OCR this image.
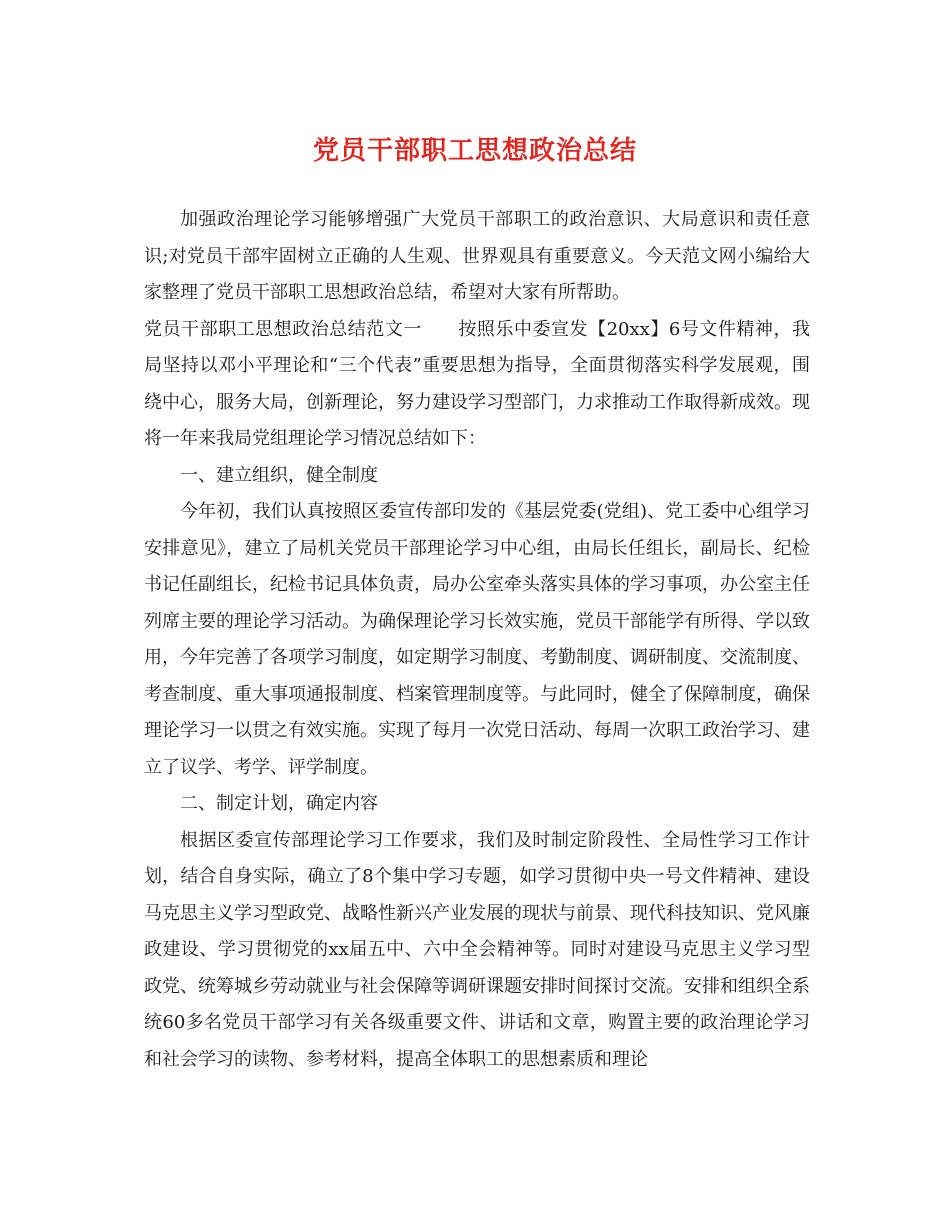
党员干部职工思想政治总结

加强政治理论学习能够增强广大党员干部职工的政治意识、大局意识和责任意识;对党员干部牢固树立正确的人生观、世界观具有重要意义。今天范文网小编给大家整理了党员干部职工思想政治总结，希望对大家有所帮助。

党员干部职工思想政治总结范文一 按照乐中委宣发【20xx】6号文件精神，我局坚持以邓小平理论和“三个代表”重要思想为指导，全面贯彻落实科学发展观，围绕中心，服务大局，创新理论，努力建设学习型部门，力求推动工作取得新成效。现将一年来我局党组理论学习情况总结如下：

一、建立组织，健全制度

今年初，我们认真按照区委宣传部印发的《基层党委(党组)、党工委中心组学习安排意见》，建立了局机关党员干部理论学习中心组，由局长任组长，副局长、纪检书记任副组长，纪检书记具体负责，局办公室牵头落实具体的学习事项，办公室主任列席主要的理论学习活动。为确保理论学习长效实施，党员干部能学有所得、学以致用，今年完善了各项学习制度，如定期学习制度、考勤制度、调研制度、交流制度、考查制度、重大事项通报制度、档案管理制度等。与此同时，健全了保障制度，确保理论学习一以贯之有效实施。实现了每月一次党日活动、每周一次职工政治学习、建立了议学、考学、评学制度。

二、制定计划，确定内容

根据区委宣传部理论学习工作要求，我们及时制定阶段性、全局性学习工作计划，结合自身实际，确立了8个集中学习专题，如学习贯彻中央一号文件精神、建设马克思主义学习型政党、战略性新兴产业发展的现状与前景、现代科技知识、党风廉政建设、学习贯彻党的xx届五中、六中全会精神等。同时对建设马克思主义学习型政党、统筹城乡劳动就业与社会保障等调研课题安排时间探讨交流。安排和组织全系统60多名党员干部学习有关各级重要文件、讲话和文章，购置主要的政治理论学习和社会学习的读物、参考材料，提高全体职工的思想素质和理论
